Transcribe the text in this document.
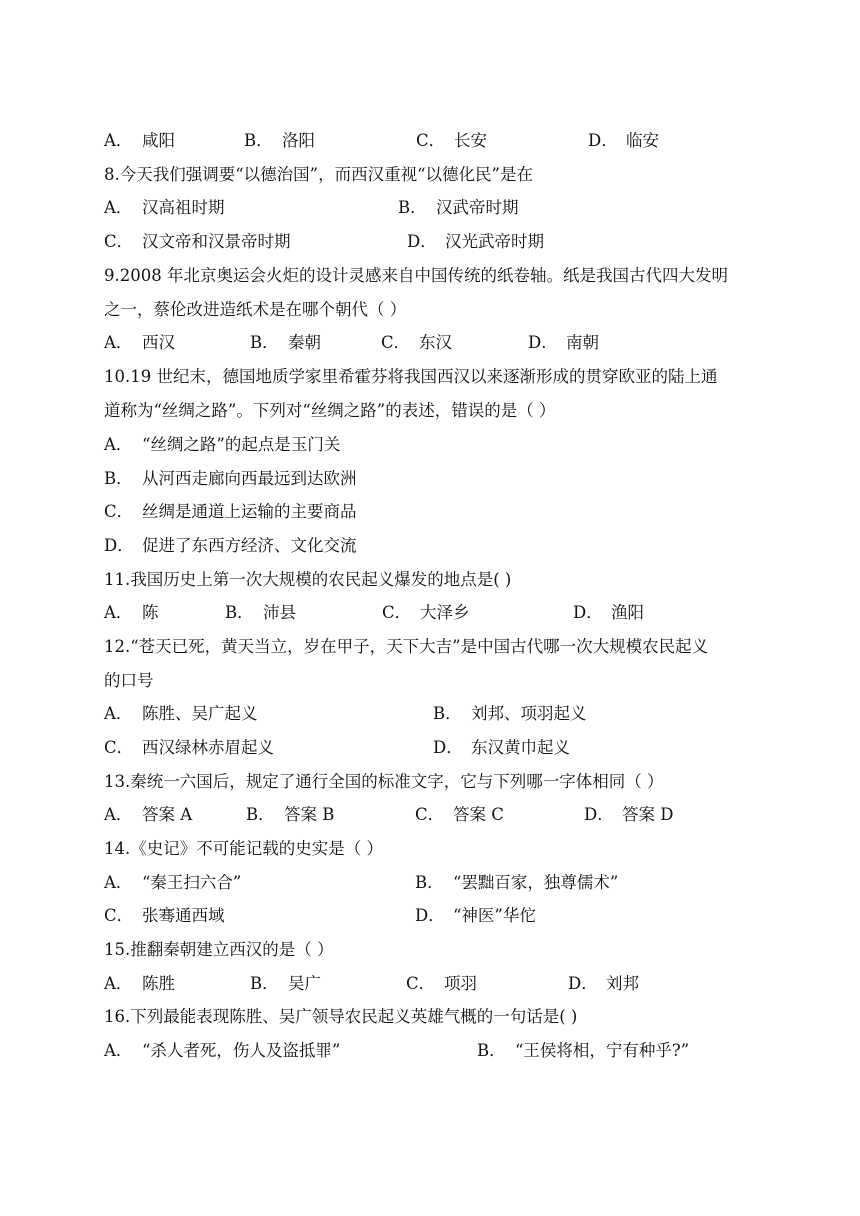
A． 咸阳	B． 洛阳	C． 长安	D． 临安
8.今天我们强调要“以德治国”，而西汉重视“以德化民”是在
A． 汉高祖时期	B． 汉武帝时期
C． 汉文帝和汉景帝时期	D． 汉光武帝时期
9.2008 年北京奥运会火炬的设计灵感来自中国传统的纸卷轴。纸是我国古代四大发明
之一，蔡伦改进造纸术是在哪个朝代（ ）
A． 西汉	B． 秦朝	C． 东汉	D． 南朝
10.19 世纪末，德国地质学家里希霍芬将我国西汉以来逐渐形成的贯穿欧亚的陆上通
道称为“丝绸之路”。下列对“丝绸之路”的表述，错误的是（ ）
A． “丝绸之路”的起点是玉门关
B． 从河西走廊向西最远到达欧洲
C． 丝绸是通道上运输的主要商品
D． 促进了东西方经济、文化交流
11.我国历史上第一次大规模的农民起义爆发的地点是( )
A． 陈	B． 沛县	C． 大泽乡	D． 渔阳
12.“苍天已死，黄天当立，岁在甲子，天下大吉”是中国古代哪一次大规模农民起义
的口号
A． 陈胜、吴广起义	B． 刘邦、项羽起义
C． 西汉绿林赤眉起义	D． 东汉黄巾起义
13.秦统一六国后，规定了通行全国的标准文字，它与下列哪一字体相同（ ）
A． 答案 A	B． 答案 B	C． 答案 C	D． 答案 D
14.《史记》不可能记载的史实是（ ）
A． “秦王扫六合”	B． “罢黜百家，独尊儒术”
C． 张骞通西域	D． “神医”华佗
15.推翻秦朝建立西汉的是（ ）
A． 陈胜	B． 吴广	C． 项羽	D． 刘邦
16.下列最能表现陈胜、吴广领导农民起义英雄气概的一句话是( )
A． “杀人者死，伤人及盗抵罪”	B． “王侯将相，宁有种乎?”
